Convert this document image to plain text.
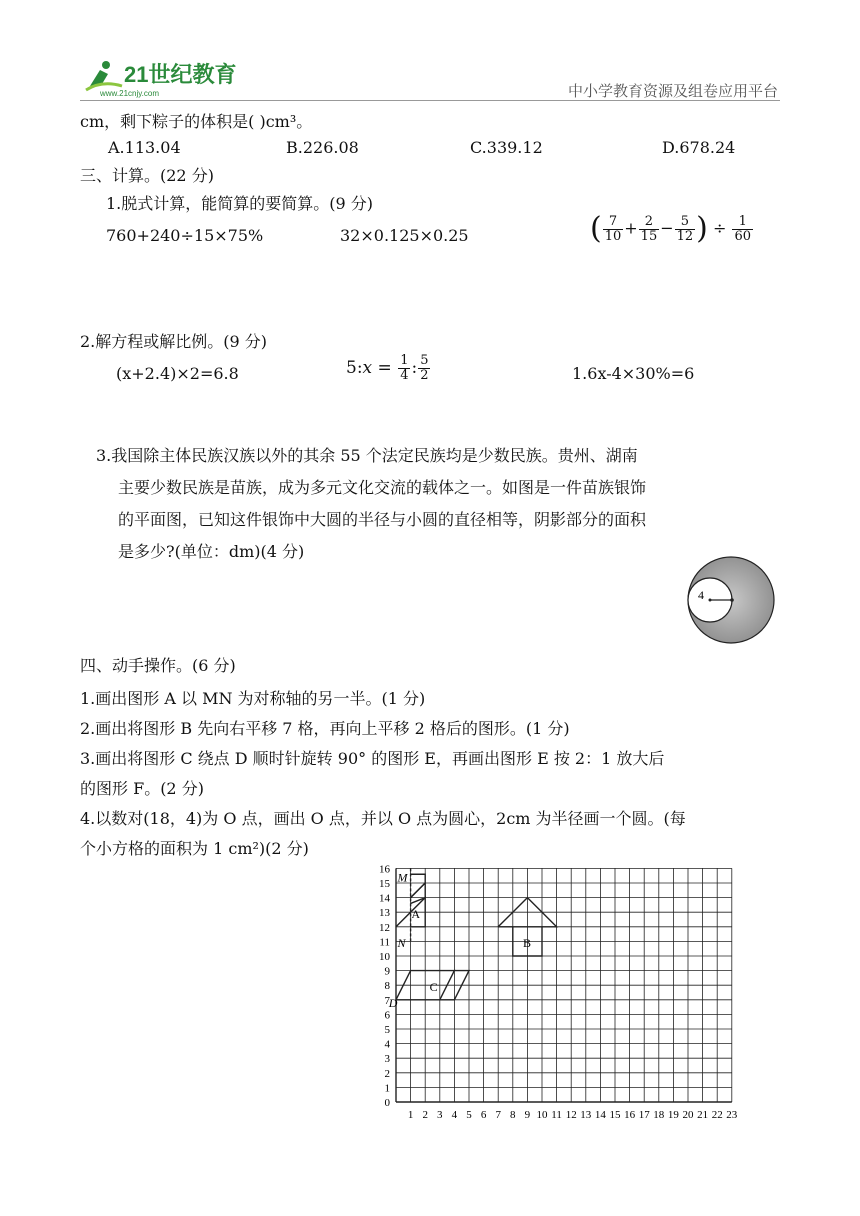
21世纪教育
www.21cnjy.com	中小学教育资源及组卷应用平台
cm，剩下粽子的体积是( )cm³。
A.113.04	B.226.08	C.339.12	D.678.24
三、计算。(22 分)
1.脱式计算，能简算的要简算。(9 分)
760+240÷15×75%	32×0.125×0.25	( $\frac{7}{10} + \frac{2}{15} - \frac{5}{12}$ ) ÷ $\frac{1}{60}$
2.解方程或解比例。(9 分)
(x+2.4)×2=6.8	5:𝑥 = $\frac{1}{4}$ : $\frac{5}{2}$	1.6x-4×30%=6
3.我国除主体民族汉族以外的其余 55 个法定民族均是少数民族。贵州、湖南
主要少数民族是苗族，成为多元文化交流的载体之一。如图是一件苗族银饰
的平面图，已知这件银饰中大圆的半径与小圆的直径相等，阴影部分的面积
是多少?(单位：dm)(4 分)
4
四、动手操作。(6 分)
1.画出图形 A 以 MN 为对称轴的另一半。(1 分)
2.画出将图形 B 先向右平移 7 格，再向上平移 2 格后的图形。(1 分)
3.画出将图形 C 绕点 D 顺时针旋转 90° 的图形 E，再画出图形 E 按 2：1 放大后
的图形 F。(2 分)
4.以数对(18，4)为 O 点，画出 O 点，并以 O 点为圆心，2cm 为半径画一个圆。(每
个小方格的面积为 1 cm²)(2 分)
1 2 3 4 5 6 7 8 9 10 11 12 13 14 15 16 17 18 19 20 21 22 23
0
1
2
3
4
5
6
7
8
9
10
11
12
13
14
15
16
M
N
A
B
C
D
